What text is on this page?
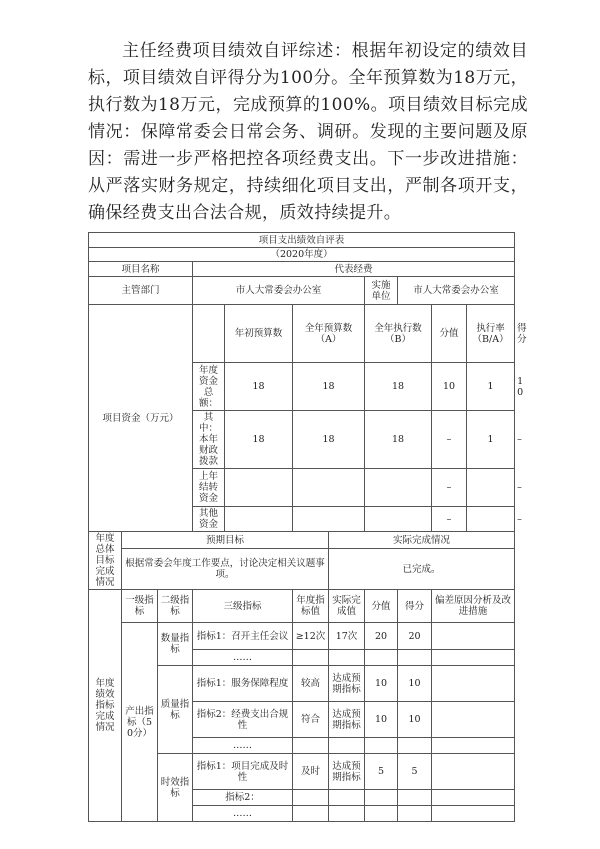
主任经费项目绩效自评综述：根据年初设定的绩效目标，项目绩效自评得分为100分。全年预算数为18万元，执行数为18万元，完成预算的100%。项目绩效目标完成情况：保障常委会日常会务、调研。发现的主要问题及原因：需进一步严格把控各项经费支出。下一步改进措施：从严落实财务规定，持续细化项目支出，严制各项开支，确保经费支出合法合规，质效持续提升。

项目支出绩效自评表											
（2020年度）											
项目名称			代表经费								
主管部门			市人大常委会办公室				实施单位	市人大常委会办公室			
项目资金（万元）				年初预算数	全年预算数（A）		全年执行数（B）		分值	执行率（B/A）	得分
			年度资金总额：	18	18		18		10	1	10
			其中：本年财政拨款	18	18		18		–	1	–
			上年结转资金						–		–
			其他资金						–		–
年度总体目标完成情况	预期目标					实际完成情况					
	根据常委会年度工作要点，讨论决定相关议题事项。					已完成。					
年度绩效指标完成情况	一级指标	二级指标	三级指标		年度指标值	实际完成值	分值	得分	偏差原因分析及改进措施		
	产出指标（50分）	数量指标	指标1：召开主任会议		≥12次	17次	20	20			
			……								
		质量指标	指标1：服务保障程度		较高	达成预期指标	10	10			
			指标2：经费支出合规性		符合	达成预期指标	10	10			
			……								
		时效指标	指标1：项目完成及时性		及时	达成预期指标	5	5			
			指标2：								
			……								
